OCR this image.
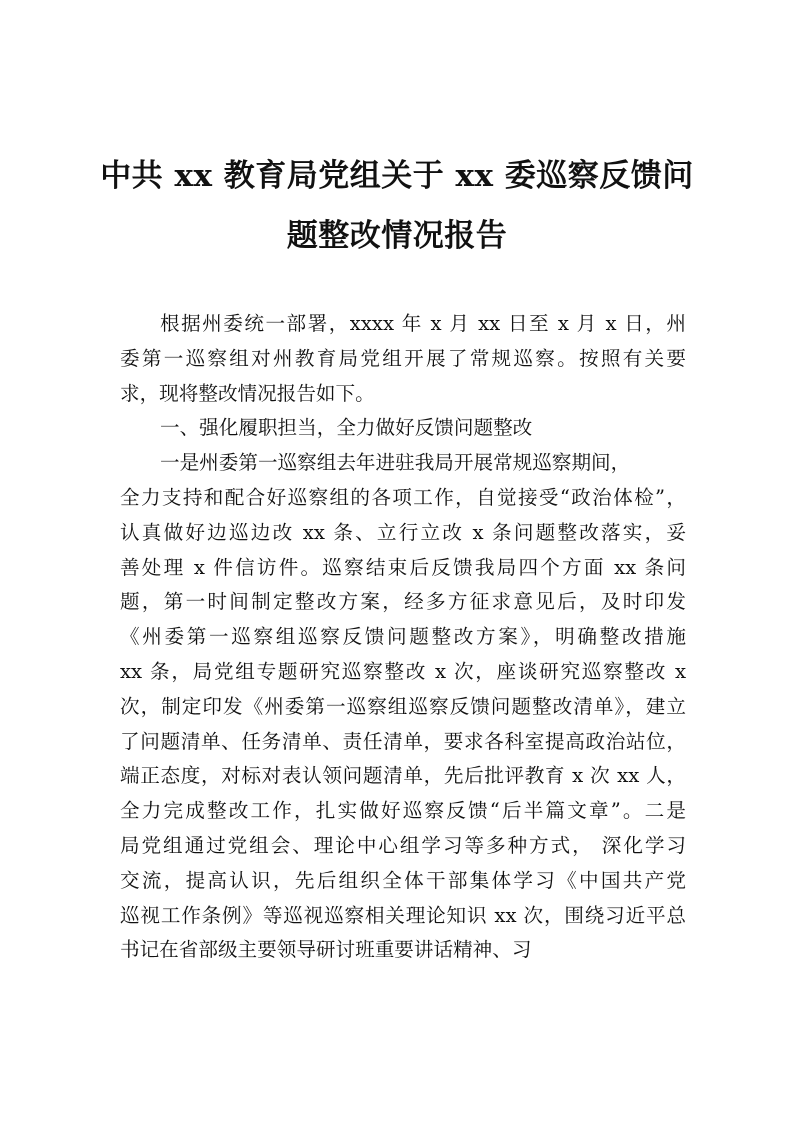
中共 xx 教育局党组关于 xx 委巡察反馈问
题整改情况报告
根据州委统一部署，xxxx 年 x 月 xx 日至 x 月 x 日，州
委第一巡察组对州教育局党组开展了常规巡察。按照有关要
求，现将整改情况报告如下。
一、强化履职担当，全力做好反馈问题整改
一是州委第一巡察组去年进驻我局开展常规巡察期间，
全力支持和配合好巡察组的各项工作，自觉接受“政治体检”，
认真做好边巡边改 xx 条、立行立改 x 条问题整改落实，妥
善处理 x 件信访件。巡察结束后反馈我局四个方面 xx 条问
题，第一时间制定整改方案，经多方征求意见后，及时印发
《州委第一巡察组巡察反馈问题整改方案》，明确整改措施
xx 条，局党组专题研究巡察整改 x 次，座谈研究巡察整改 x
次，制定印发《州委第一巡察组巡察反馈问题整改清单》，建立
了问题清单、任务清单、责任清单，要求各科室提高政治站位，
端正态度，对标对表认领问题清单，先后批评教育 x 次 xx 人，
全力完成整改工作，扎实做好巡察反馈“后半篇文章”。二是
局党组通过党组会、理论中心组学习等多种方式， 深化学习
交流，提高认识，先后组织全体干部集体学习《中国共产党
巡视工作条例》等巡视巡察相关理论知识 xx 次，围绕习近平总
书记在省部级主要领导研讨班重要讲话精神、习
